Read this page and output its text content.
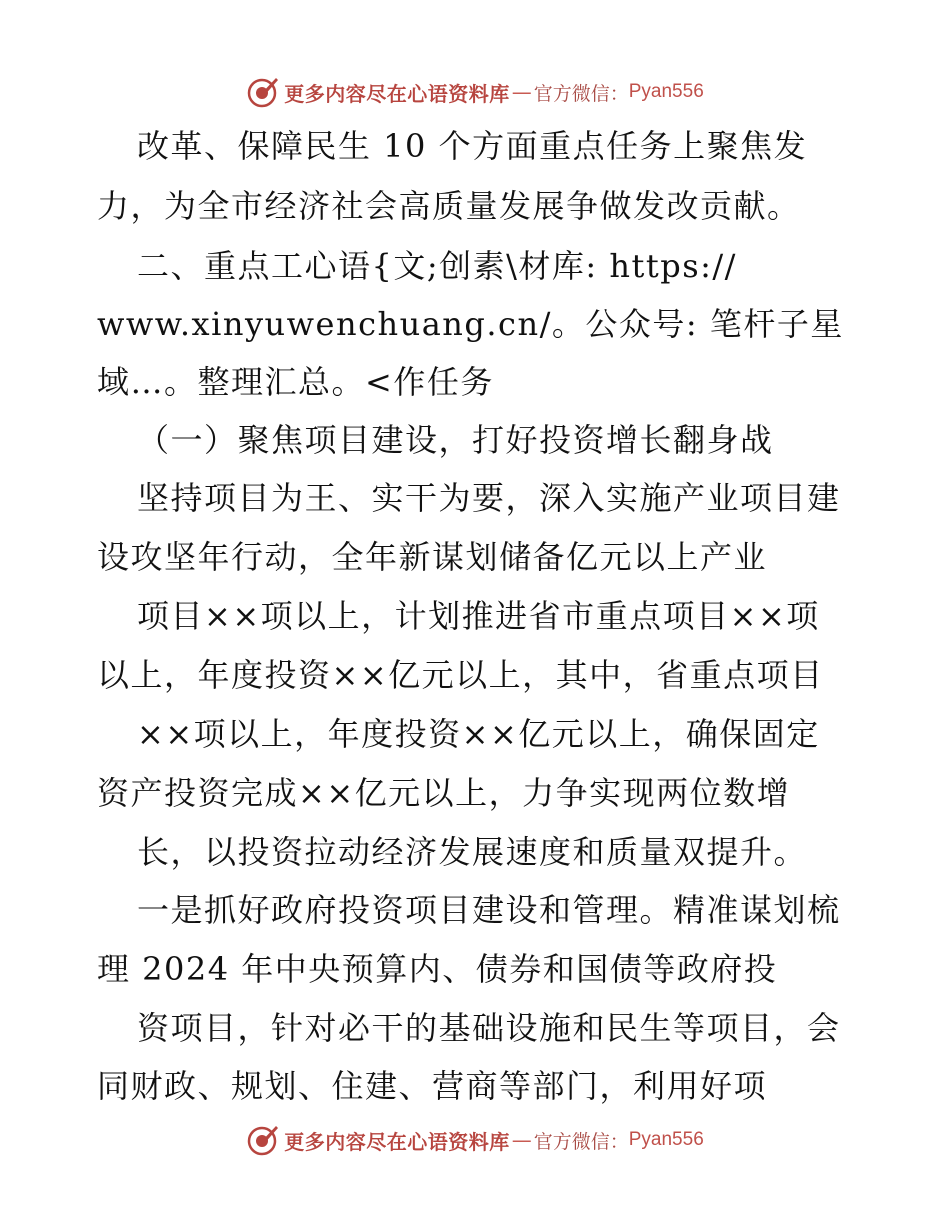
更多内容尽在心语资料库 — 官方微信： Pyan556
改革、保障民生 10 个方面重点任务上聚焦发
力，为全市经济社会高质量发展争做发改贡献。
二、重点工心语{文;创素\材库: https://
www.xinyuwenchuang.cn/。公众号: 笔杆子星
域…。整理汇总。<作任务
（一）聚焦项目建设，打好投资增长翻身战
坚持项目为王、实干为要，深入实施产业项目建
设攻坚年行动，全年新谋划储备亿元以上产业
项目××项以上，计划推进省市重点项目××项
以上，年度投资××亿元以上，其中，省重点项目
××项以上，年度投资××亿元以上，确保固定
资产投资完成××亿元以上，力争实现两位数增
长，以投资拉动经济发展速度和质量双提升。
一是抓好政府投资项目建设和管理。精准谋划梳
理 2024 年中央预算内、债券和国债等政府投
资项目，针对必干的基础设施和民生等项目，会
同财政、规划、住建、营商等部门，利用好项
更多内容尽在心语资料库 — 官方微信： Pyan556
